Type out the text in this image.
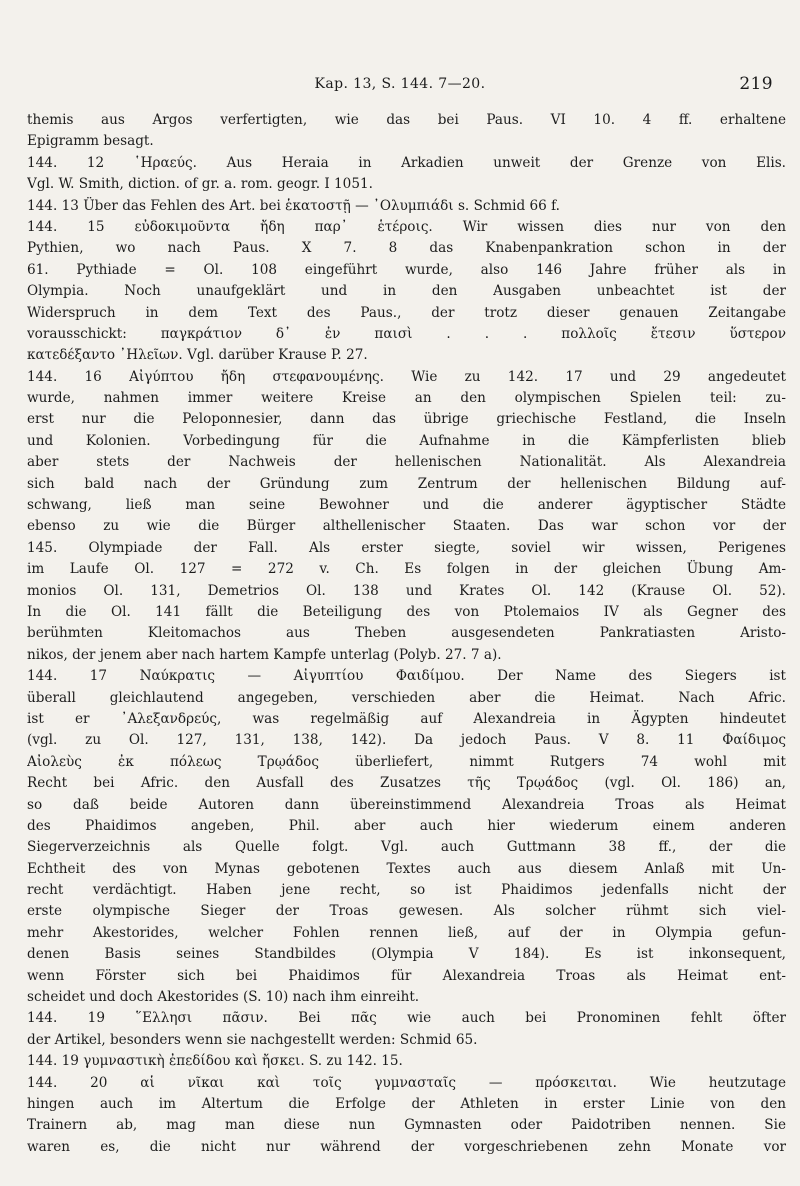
Kap. 13, S. 144. 7—20.	219
themis aus Argos verfertigten, wie das bei Paus. VI 10. 4 ff. erhaltene
Epigramm besagt.
144. 12 ῾Ηραεύς. Aus Heraia in Arkadien unweit der Grenze von Elis.
Vgl. W. Smith, diction. of gr. a. rom. geogr. I 1051.
144. 13 Über das Fehlen des Art. bei ἑκατοστῇ — ᾿Ολυμπιάδι s. Schmid 66 f.
144. 15 εὐδοκιμοῦντα ἤδη παρ᾿ ἑτέροις. Wir wissen dies nur von den
Pythien, wo nach Paus. X 7. 8 das Knabenpankration schon in der
61. Pythiade = Ol. 108 eingeführt wurde, also 146 Jahre früher als in
Olympia. Noch unaufgeklärt und in den Ausgaben unbeachtet ist der
Widerspruch in dem Text des Paus., der trotz dieser genauen Zeitangabe
vorausschickt: παγκράτιον δ᾿ ἐν παισὶ . . . πολλοῖς ἔτεσιν ὕστερον
κατεδέξαντο ᾿Ηλεῖων. Vgl. darüber Krause P. 27.
144. 16 Αἰγύπτου ἤδη στεφανουμένης. Wie zu 142. 17 und 29 angedeutet
wurde, nahmen immer weitere Kreise an den olympischen Spielen teil: zu-
erst nur die Peloponnesier, dann das übrige griechische Festland, die Inseln
und Kolonien. Vorbedingung für die Aufnahme in die Kämpferlisten blieb
aber stets der Nachweis der hellenischen Nationalität. Als Alexandreia
sich bald nach der Gründung zum Zentrum der hellenischen Bildung auf-
schwang, ließ man seine Bewohner und die anderer ägyptischer Städte
ebenso zu wie die Bürger althellenischer Staaten. Das war schon vor der
145. Olympiade der Fall. Als erster siegte, soviel wir wissen, Perigenes
im Laufe Ol. 127 = 272 v. Ch. Es folgen in der gleichen Übung Am-
monios Ol. 131, Demetrios Ol. 138 und Krates Ol. 142 (Krause Ol. 52).
In die Ol. 141 fällt die Beteiligung des von Ptolemaios IV als Gegner des
berühmten Kleitomachos aus Theben ausgesendeten Pankratiasten Aristo-
nikos, der jenem aber nach hartem Kampfe unterlag (Polyb. 27. 7 a).
144. 17 Ναύκρατις — Αἰγυπτίου Φαιδίμου. Der Name des Siegers ist
überall gleichlautend angegeben, verschieden aber die Heimat. Nach Afric.
ist er ᾿Αλεξανδρεύς, was regelmäßig auf Alexandreia in Ägypten hindeutet
(vgl. zu Ol. 127, 131, 138, 142). Da jedoch Paus. V 8. 11 Φαίδιμος
Αἰολεὺς ἐκ πόλεως Τρῳάδος überliefert, nimmt Rutgers 74 wohl mit
Recht bei Afric. den Ausfall des Zusatzes τῆς Τρῳάδος (vgl. Ol. 186) an,
so daß beide Autoren dann übereinstimmend Alexandreia Troas als Heimat
des Phaidimos angeben, Phil. aber auch hier wiederum einem anderen
Siegerverzeichnis als Quelle folgt. Vgl. auch Guttmann 38 ff., der die
Echtheit des von Mynas gebotenen Textes auch aus diesem Anlaß mit Un-
recht verdächtigt. Haben jene recht, so ist Phaidimos jedenfalls nicht der
erste olympische Sieger der Troas gewesen. Als solcher rühmt sich viel-
mehr Akestorides, welcher Fohlen rennen ließ, auf der in Olympia gefun-
denen Basis seines Standbildes (Olympia V 184). Es ist inkonsequent,
wenn Förster sich bei Phaidimos für Alexandreia Troas als Heimat ent-
scheidet und doch Akestorides (S. 10) nach ihm einreiht.
144. 19 ῞Ελλησι πᾶσιν. Bei πᾶς wie auch bei Pronominen fehlt öfter
der Artikel, besonders wenn sie nachgestellt werden: Schmid 65.
144. 19 γυμναστικὴ ἐπεδίδου καὶ ἤσκει. S. zu 142. 15.
144. 20 αἱ νῖκαι καὶ τοῖς γυμνασταῖς — πρόσκειται. Wie heutzutage
hingen auch im Altertum die Erfolge der Athleten in erster Linie von den
Trainern ab, mag man diese nun Gymnasten oder Paidotriben nennen. Sie
waren es, die nicht nur während der vorgeschriebenen zehn Monate vor
